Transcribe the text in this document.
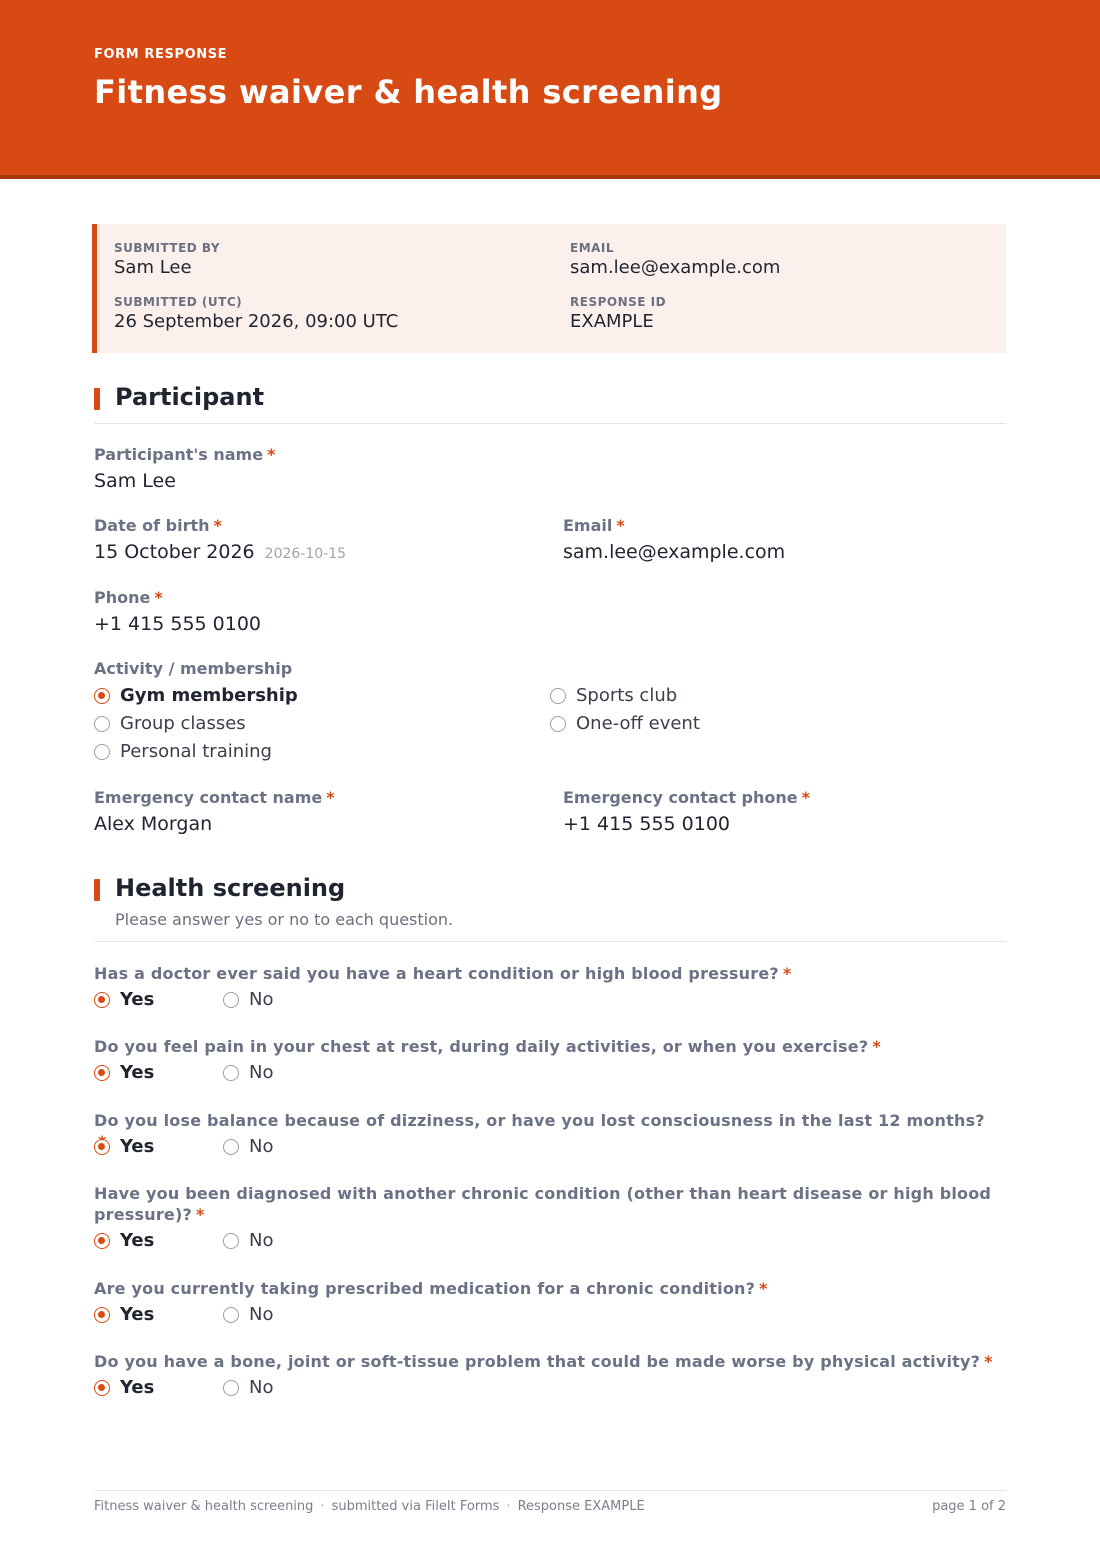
FORM RESPONSE
Fitness waiver & health screening
SUBMITTED BY
Sam Lee
EMAIL
sam.lee@example.com
SUBMITTED (UTC)
26 September 2026, 09:00 UTC
RESPONSE ID
EXAMPLE
Participant
Participant's name *
Sam Lee
Date of birth *
15 October 2026 2026-10-15
Email *
sam.lee@example.com
Phone *
+1 415 555 0100
Activity / membership
Gym membership
Group classes
Personal training
Sports club
One-off event
Emergency contact name *
Alex Morgan
Emergency contact phone *
+1 415 555 0100
Health screening
Please answer yes or no to each question.
Has a doctor ever said you have a heart condition or high blood pressure? *
Yes	No
Do you feel pain in your chest at rest, during daily activities, or when you exercise? *
Yes	No
Do you lose balance because of dizziness, or have you lost consciousness in the last 12 months?
Yes	No
Have you been diagnosed with another chronic condition (other than heart disease or high blood pressure)? *
Yes	No
Are you currently taking prescribed medication for a chronic condition? *
Yes	No
Do you have a bone, joint or soft-tissue problem that could be made worse by physical activity? *
Yes	No
Fitness waiver & health screening · submitted via FileIt Forms · Response EXAMPLE	page 1 of 2
